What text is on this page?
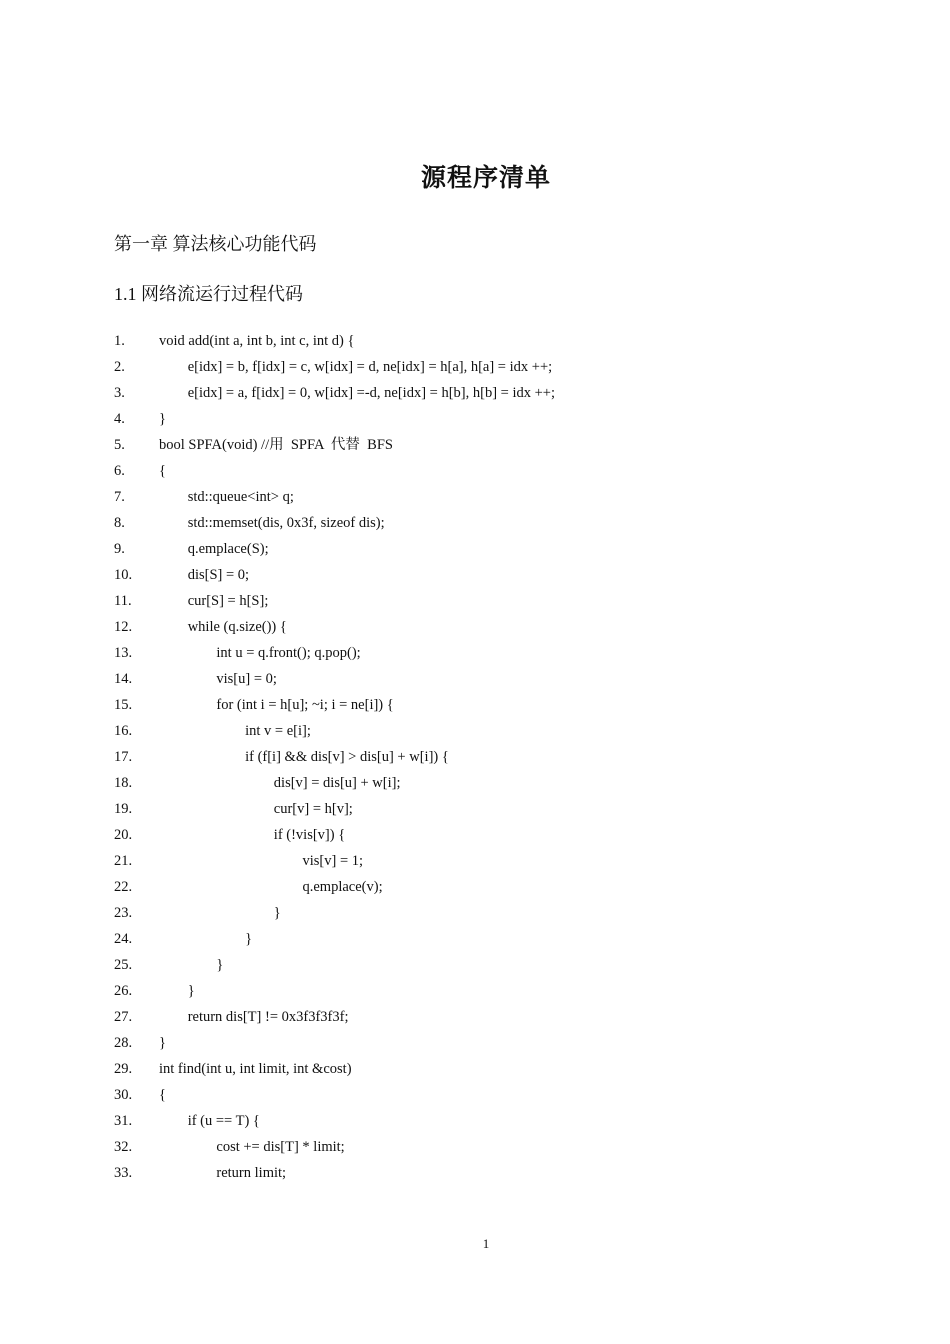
源程序清单
第一章 算法核心功能代码
1.1 网络流运行过程代码
1. void add(int a, int b, int c, int d) {
2.	e[idx] = b, f[idx] = c, w[idx] = d, ne[idx] = h[a], h[a] = idx ++;
3.	e[idx] = a, f[idx] = 0, w[idx] =-d, ne[idx] = h[b], h[b] = idx ++;
4. }
5. bool SPFA(void) //用  SPFA  代替  BFS
6. {
7.	std::queue<int> q;
8.	std::memset(dis, 0x3f, sizeof dis);
9.	q.emplace(S);
10.	dis[S] = 0;
11.	cur[S] = h[S];
12.	while (q.size()) {
13.	int u = q.front(); q.pop();
14.	vis[u] = 0;
15.	for (int i = h[u]; ~i; i = ne[i]) {
16.	int v = e[i];
17.	if (f[i] && dis[v] > dis[u] + w[i]) {
18.	dis[v] = dis[u] + w[i];
19.	cur[v] = h[v];
20.	if (!vis[v]) {
21.	vis[v] = 1;
22.	q.emplace(v);
23.	}
24.	}
25.	}
26.	}
27.	return dis[T] != 0x3f3f3f3f;
28. }
29. int find(int u, int limit, int &cost)
30. {
31.	if (u == T) {
32.	cost += dis[T] * limit;
33.	return limit;
1
